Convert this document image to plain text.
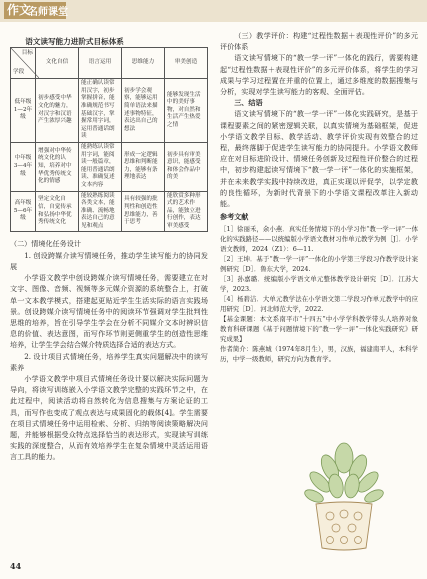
作文
名师课堂

语文读写能力进阶式目标体系

目标
学段	文化自信	语言运用	思维能力	审美创造
低年级1—2年级	初步感受中华文化的魅力，对汉字和汉语产生浓厚兴趣	能正确认读常用汉字，初步掌握拼音，能准确规范书写基础汉字，掌握常用字词，运用普通话朗读	初步学会观察，能够运用简单语法来描述事物特征，表达出自己的想法	能够发现生活中的美好事物，对自然和生活产生热爱之情
中年级3—4年级	增强对中华传统文化的认知，培养对中华优秀传统文化的情感	能熟练认读常用字词，能阅读一般篇章，能用普通话朗读、准确复述文本内容	形成一定逻辑思维和判断能力，能够有条理地表达	初步具有审美意识，能感受和体会作品中的美
高年级5—6年级	坚定文化自信，自觉传承和弘扬中华优秀传统文化	能较熟练阅读各类文本，能准确、流畅地表达自己的意见和观点	具有较强的批判性和创造性思维能力，善于思考	能欣赏多种形式的艺术作品，能独立进行创作，表达审美感受

（二）情境化任务设计

1. 创设跨媒介读写情境任务，推动学生读写能力的协同发展

小学语文教学中创设跨媒介读写情境任务，需要建立在对文字、图像、音频、视频等多元媒介资源的系统整合上，打破单一文本教学模式，搭建起更贴近学生生活实际的语言实践场景。创设跨媒介读写情境任务中的阅读环节强调对学生批判性思维的培养，旨在引导学生学会在分析不同媒介文本时辨识信息的价值、表达意图，而写作环节则更侧重学生的创造性思维培养，让学生学会结合媒介特质选择合适的表达方式。

2. 设计项目式情境任务，培养学生真实问题解决中的读写素养

小学语文教学中项目式情境任务设计要以解决实际问题为导向，将读写训练嵌入小学语文教学完整的实践环节之中，在此过程中，阅读活动将自然转化为信息搜集与方案论证的工具，而写作也变成了观点表达与成果固化的载体[4]。学生需要在项目式情境任务中运用检索、分析、归纳等阅读策略解决问题，并能够根据受众特点选择恰当的表达形式，实现读写训练实践的深度整合，从而有效培养学生在复杂情境中灵活运用语言工具的能力。

（三）教学评价：构建“过程性数据＋表现性评价”的多元评价体系

语文读写情境下的“教一学一评”一体化的践行，需要构建起“过程性数据＋表现性评价”的多元评价体系，将学生的学习成果与学习过程置在并重的位置上，通过多维度的数据搜集与分析，实现对学生读写能力的客观、全面评估。

三、结语

语文读写情境下的“教一学一评”一体化实践研究，是基于课程要素之间的紧密逻辑关联，以真实情境为基础框架，促进小学语文教学目标、教学活动、教学评价实现有效整合的过程，最终落脚于促进学生读写能力的协同提升。小学语文教师应在对目标进阶设计、情境任务创新及过程性评价整合的过程中，初步构建起读写情境下“教一学一评”一体化的实施框架，并在未来教学实践中持续改进，真正实现以评促学，以学定教的良性循环，为新时代背景下的小学语文课程改革注入新动能。

参考文献

［1］徐丽禾，余小燕．真实任务情境下的小学习作“教一学一评”一体化的实践路径——以统编版小学语文教材习作单元教学为例［J］．小学语文教师，2024（Z1）：6—11.

［2］王坤．基于“教一学一评”一体化的小学第三学段习作教学设计案例研究［D］．鲁东大学，2024.

［3］孙嘉璐．统编版小学语文单元整体教学设计研究［D］．江苏大学，2023.

［4］杨碧洁．大单元教学法在小学语文第二学段习作单元教学中的应用研究［D］．河北师范大学，2022.

【基金课题：本文系南平市“十四五”中小学学科教学带头人培养对象教育科研课题《基于问题情境下的“教一学一评”一体化实践研究》研究成果】

作者简介：陈燕城（1974年8月生），男，汉族，福建南平人，本科学历，中学一级教师，研究方向为教育学。

44
